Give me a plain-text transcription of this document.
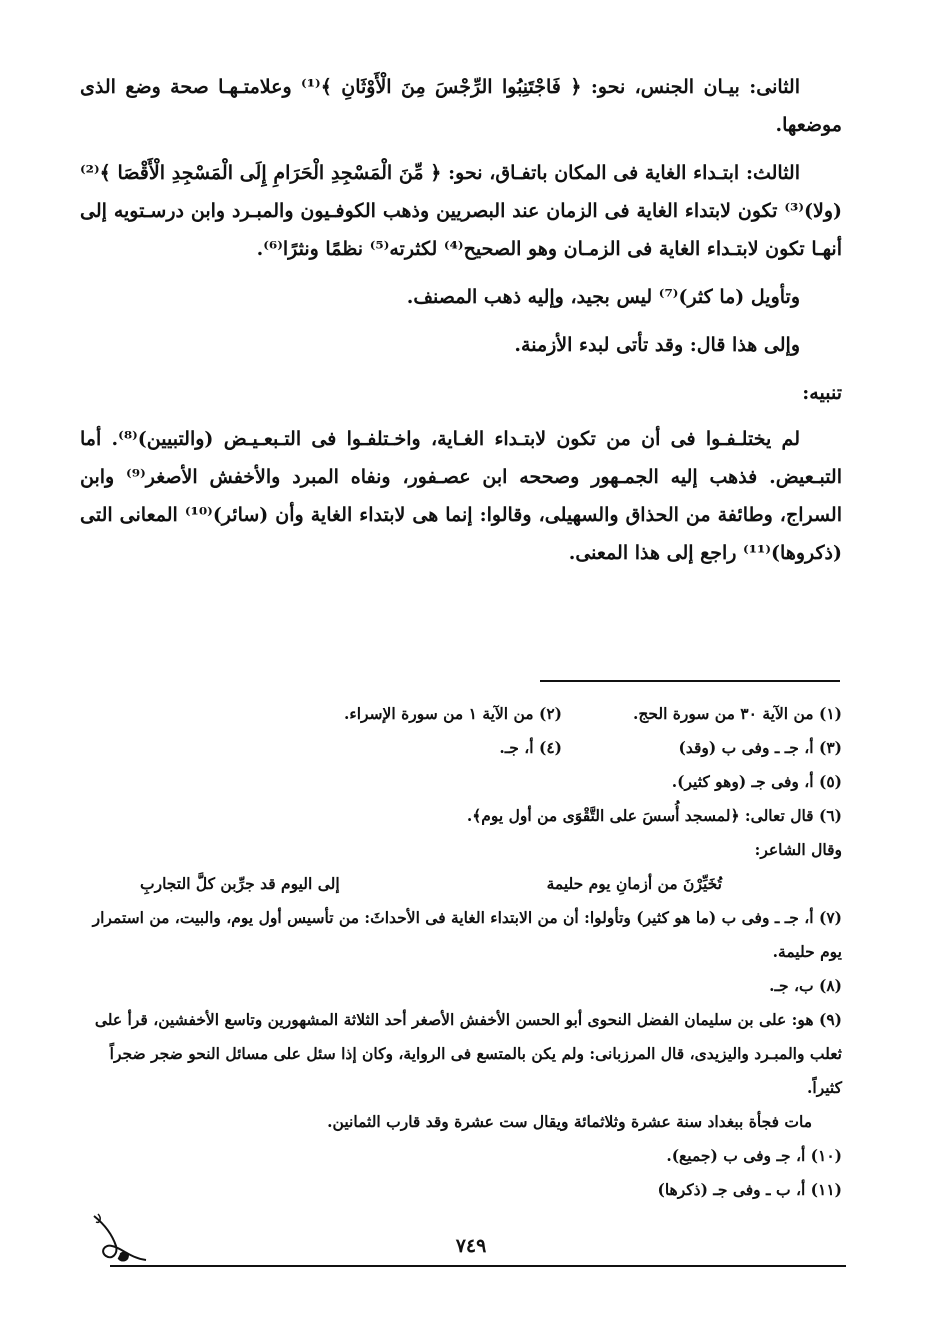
الثانى: بيـان الجنس، نحو: ﴿ فَاجْتَنِبُوا الرِّجْسَ مِنَ الْأَوْثَانِ ﴾⁽¹⁾ وعلامتـهـا صحة وضع الذى موضعها.

الثالث: ابتـداء الغاية فى المكان باتفـاق، نحو: ﴿ مِّنَ الْمَسْجِدِ الْحَرَامِ إِلَى الْمَسْجِدِ الْأَقْصَا ﴾⁽²⁾ (ولا)⁽³⁾ تكون لابتداء الغاية فى الزمان عند البصريين وذهب الكوفـيون والمبـرد وابن درسـتويه إلى أنهـا تكون لابتـداء الغاية فى الزمـان وهو الصحيح⁽⁴⁾ لكثرته⁽⁵⁾ نظمًا ونثرًا⁽⁶⁾.

وتأويل (ما كثر)⁽⁷⁾ ليس بجيد، وإليه ذهب المصنف.

وإلى هذا قال: وقد تأتى لبدء الأزمنة.

تنبيه:

لم يختلـفـوا فى أن من تكون لابتـداء الغـاية، واخـتلفـوا فى التـبعـيـض (والتبيين)⁽⁸⁾. أما التبـعيض. فذهب إليه الجمـهور وصححه ابن عصـفور، ونفاه المبرد والأخفش الأصغر⁽⁹⁾ وابن السراج، وطائفة من الحذاق والسهيلى، وقالوا: إنما هى لابتداء الغاية وأن (سائر)⁽¹⁰⁾ المعانى التى (ذكروها)⁽¹¹⁾ راجع إلى هذا المعنى.

(١) من الآية ٣٠ من سورة الحج.

(٢) من الآية ١ من سورة الإسراء.

(٣) أ، جـ ـ وفى ب (وقد)

(٤) أ، جـ.

(٥) أ، وفى جـ (وهو كثير).

(٦) قال تعالى: ﴿لمسجد أُسسَ على التَّقْوَى من أول يوم﴾.

وقال الشاعر:

تُخَيِّرْنَ من أزمانِ يوم حليمة
إلى اليوم قد جرِّبن كلَّ التجاربِ

(٧) أ، جـ ـ وفى ب (ما هو كثير) وتأولوا: أن من الابتداء الغاية فى الأحداثَ: من تأسيس أول يوم، والبيت، من استمرار يوم حليمة.

(٨) ب، جـ.

(٩) هو: على بن سليمان الفضل النحوى أبو الحسن الأخفش الأصغر أحد الثلاثة المشهورين وتاسع الأخفشين، قرأ على ثعلب والمبـرد واليزيدى، قال المرزبانى: ولم يكن بالمتسع فى الرواية، وكان إذا سئل على مسائل النحو ضجر ضجراً كثيراً.

مات فجأة ببغداد سنة عشرة وثلاثمائة ويقال ست عشرة وقد قارب الثمانين.

(١٠) أ، جـ وفى ب (جميع).

(١١) أ، ب ـ وفى جـ (ذكرها)

٧٤٩
